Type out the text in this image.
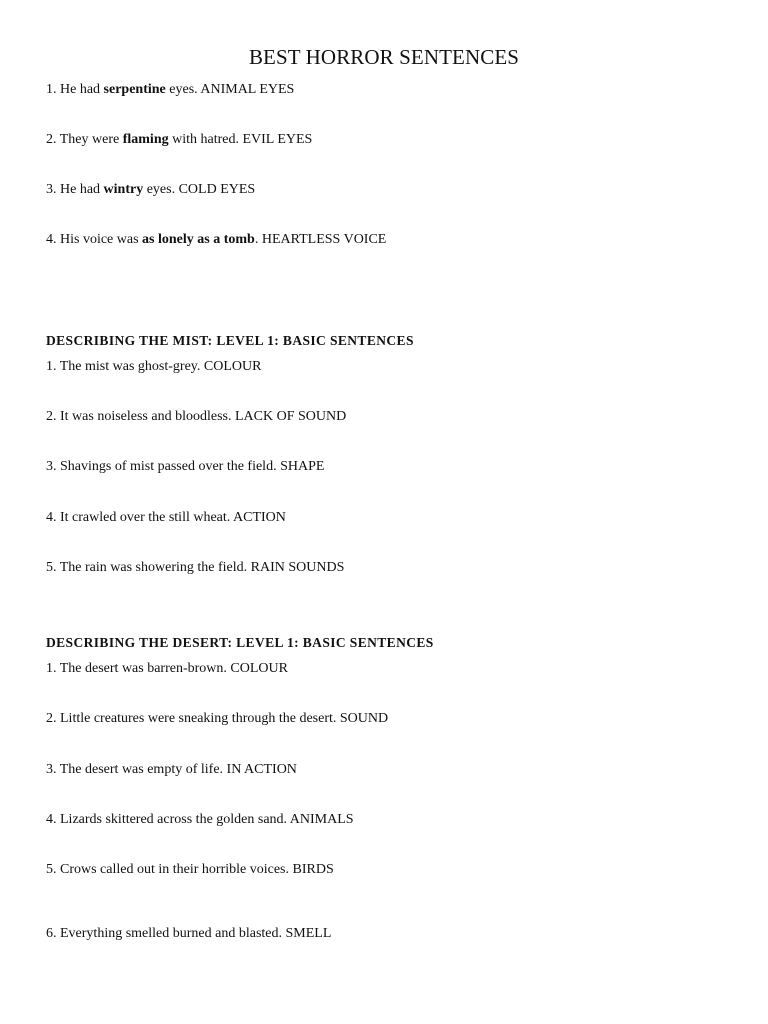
BEST HORROR SENTENCES
1. He had serpentine eyes. ANIMAL EYES
2. They were flaming with hatred. EVIL EYES
3. He had wintry eyes. COLD EYES
4. His voice was as lonely as a tomb. HEARTLESS VOICE
DESCRIBING THE MIST: LEVEL 1: BASIC SENTENCES
1. The mist was ghost-grey. COLOUR
2. It was noiseless and bloodless. LACK OF SOUND
3. Shavings of mist passed over the field. SHAPE
4. It crawled over the still wheat. ACTION
5. The rain was showering the field. RAIN SOUNDS
DESCRIBING THE DESERT: LEVEL 1: BASIC SENTENCES
1. The desert was barren-brown. COLOUR
2. Little creatures were sneaking through the desert. SOUND
3. The desert was empty of life. IN ACTION
4. Lizards skittered across the golden sand. ANIMALS
5. Crows called out in their horrible voices. BIRDS
6. Everything smelled burned and blasted. SMELL
